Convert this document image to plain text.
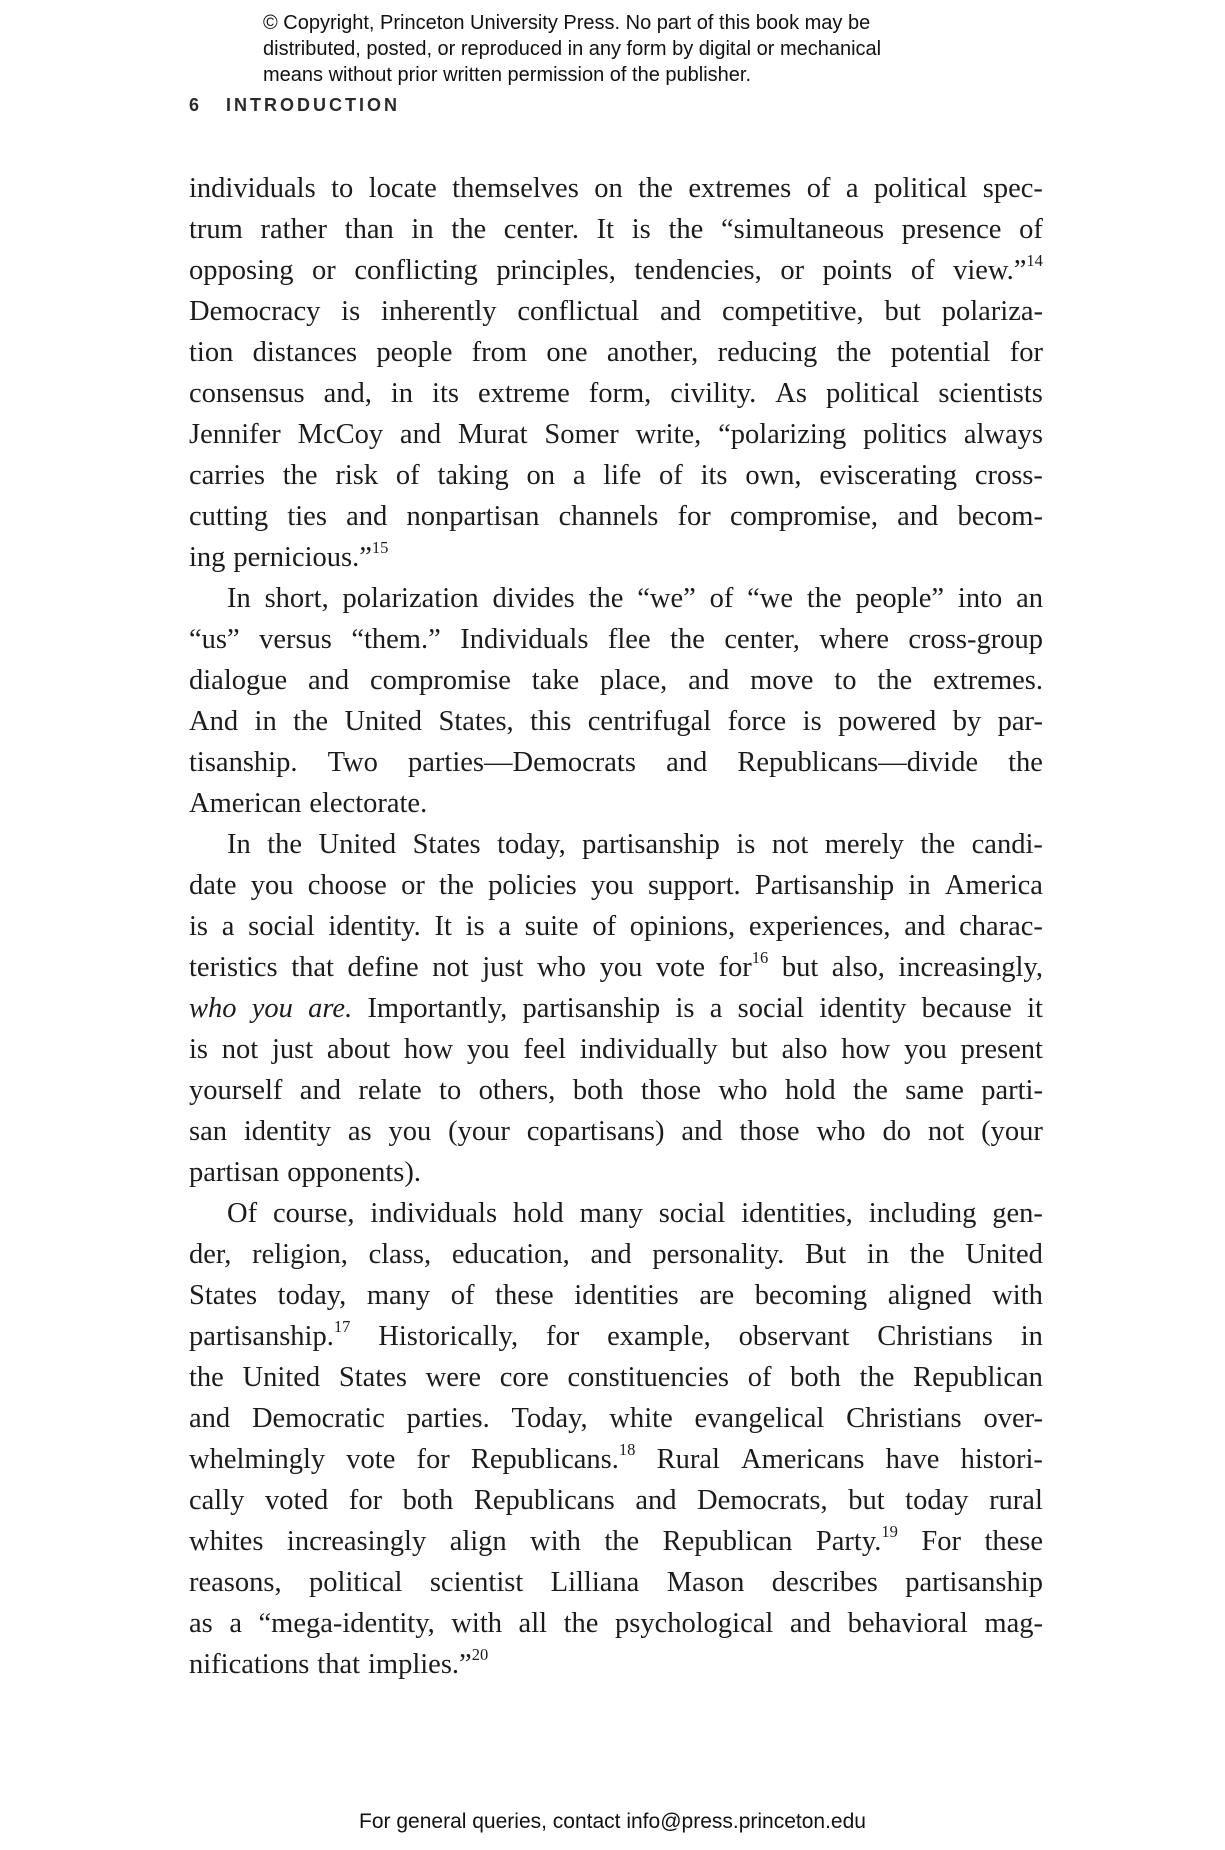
© Copyright, Princeton University Press. No part of this book may be
distributed, posted, or reproduced in any form by digital or mechanical
means without prior written permission of the publisher.
6 INTRODUCTION
individuals to locate themselves on the extremes of a political spec-
trum rather than in the center. It is the “simultaneous presence of
opposing or conflicting principles, tendencies, or points of view.”$^{14}$
Democracy is inherently conflictual and competitive, but polariza-
tion distances people from one another, reducing the potential for
consensus and, in its extreme form, civility. As political scientists
Jennifer McCoy and Murat Somer write, “polarizing politics always
carries the risk of taking on a life of its own, eviscerating cross-
cutting ties and nonpartisan channels for compromise, and becom-
ing pernicious.”$^{15}$
In short, polarization divides the “we” of “we the people” into an
“us” versus “them.” Individuals flee the center, where cross-group
dialogue and compromise take place, and move to the extremes.
And in the United States, this centrifugal force is powered by par-
tisanship. Two parties—Democrats and Republicans—divide the
American electorate.
In the United States today, partisanship is not merely the candi-
date you choose or the policies you support. Partisanship in America
is a social identity. It is a suite of opinions, experiences, and charac-
teristics that define not just who you vote for$^{16}$ but also, increasingly,
who you are. Importantly, partisanship is a social identity because it
is not just about how you feel individually but also how you present
yourself and relate to others, both those who hold the same parti-
san identity as you (your copartisans) and those who do not (your
partisan opponents).
Of course, individuals hold many social identities, including gen-
der, religion, class, education, and personality. But in the United
States today, many of these identities are becoming aligned with
partisanship.$^{17}$ Historically, for example, observant Christians in
the United States were core constituencies of both the Republican
and Democratic parties. Today, white evangelical Christians over-
whelmingly vote for Republicans.$^{18}$ Rural Americans have histori-
cally voted for both Republicans and Democrats, but today rural
whites increasingly align with the Republican Party.$^{19}$ For these
reasons, political scientist Lilliana Mason describes partisanship
as a “mega-identity, with all the psychological and behavioral mag-
nifications that implies.”$^{20}$
For general queries, contact info@press.princeton.edu
